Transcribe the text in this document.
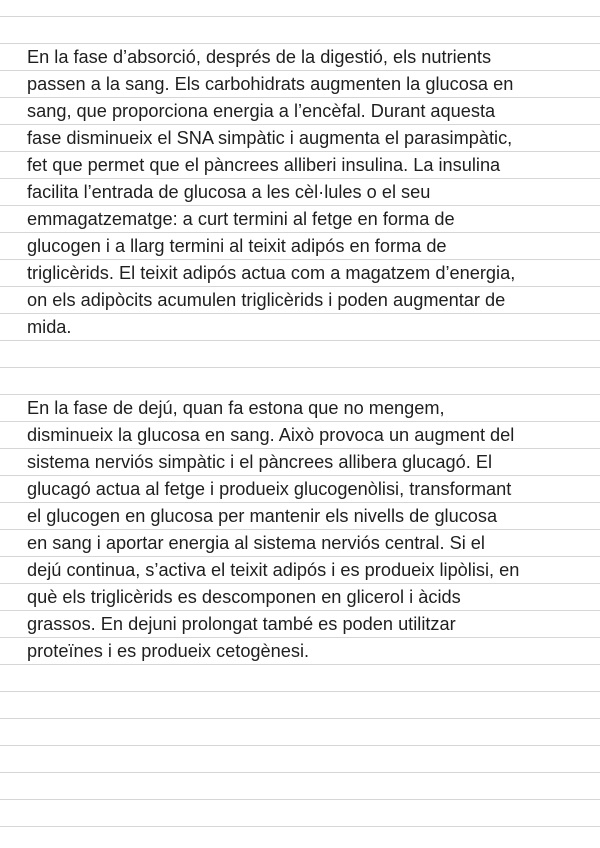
En la fase d’absorció, després de la digestió, els nutrients
passen a la sang. Els carbohidrats augmenten la glucosa en
sang, que proporciona energia a l’encèfal. Durant aquesta
fase disminueix el SNA simpàtic i augmenta el parasimpàtic,
fet que permet que el pàncrees alliberi insulina. La insulina
facilita l’entrada de glucosa a les cèl·lules o el seu
emmagatzematge: a curt termini al fetge en forma de
glucogen i a llarg termini al teixit adipós en forma de
triglicèrids. El teixit adipós actua com a magatzem d’energia,
on els adipòcits acumulen triglicèrids i poden augmentar de
mida.
En la fase de dejú, quan fa estona que no mengem,
disminueix la glucosa en sang. Això provoca un augment del
sistema nerviós simpàtic i el pàncrees allibera glucagó. El
glucagó actua al fetge i produeix glucogenòlisi, transformant
el glucogen en glucosa per mantenir els nivells de glucosa
en sang i aportar energia al sistema nerviós central. Si el
dejú continua, s’activa el teixit adipós i es produeix lipòlisi, en
què els triglicèrids es descomponen en glicerol i àcids
grassos. En dejuni prolongat també es poden utilitzar
proteïnes i es produeix cetogènesi.
